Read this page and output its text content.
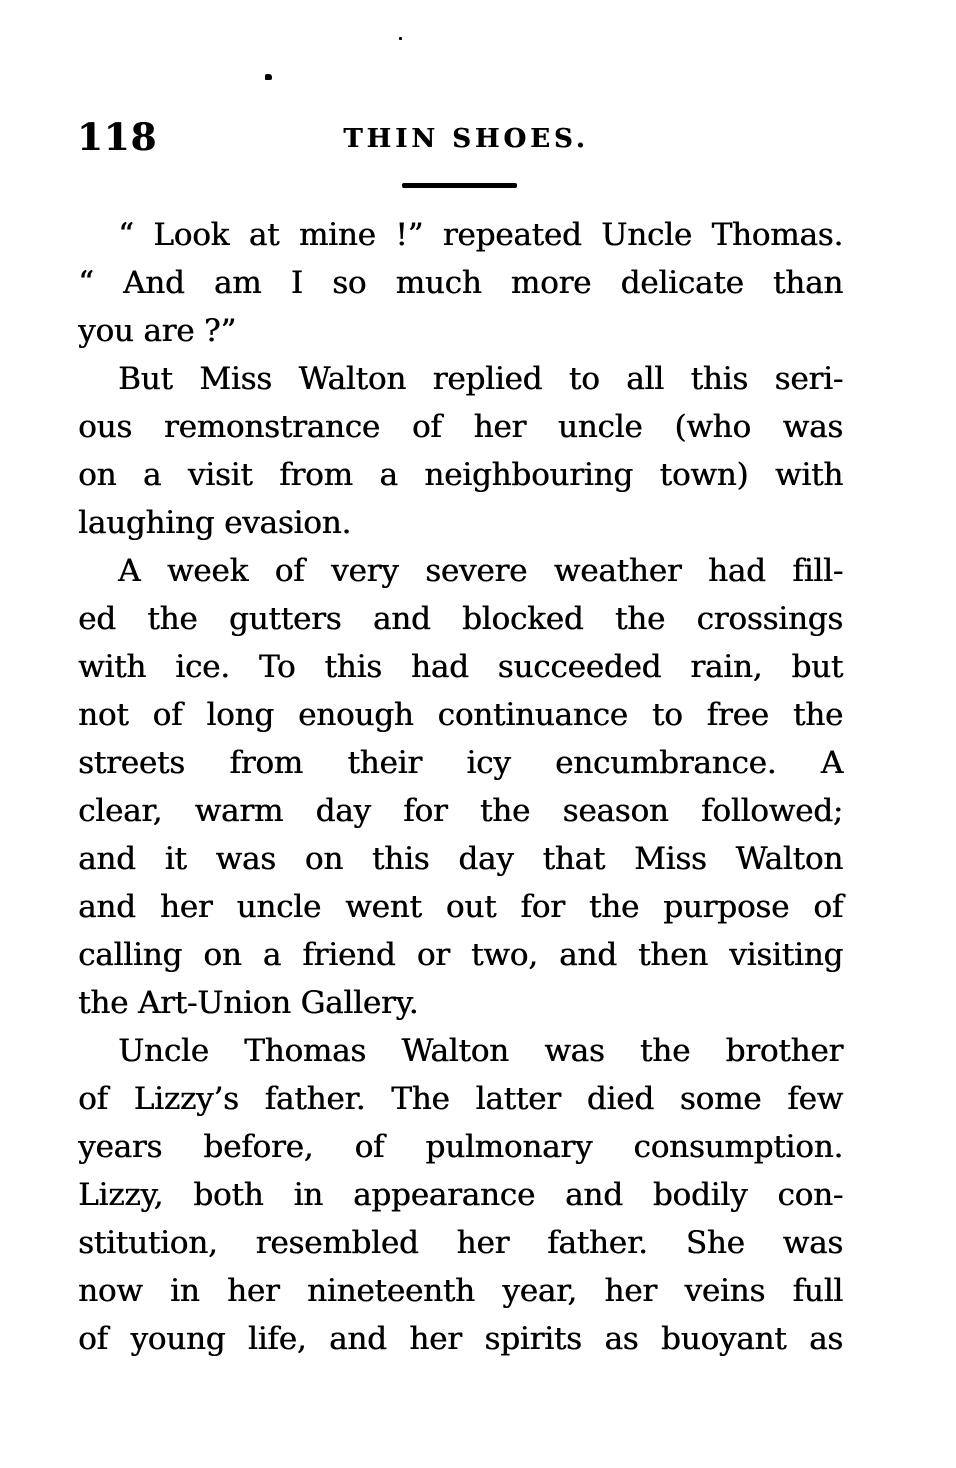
118	THIN SHOES.
“ Look at mine !” repeated Uncle Thomas.
“ And am I so much more delicate than
you are ?”
But Miss Walton replied to all this seri-
ous remonstrance of her uncle (who was
on a visit from a neighbouring town) with
laughing evasion.
A week of very severe weather had fill-
ed the gutters and blocked the crossings
with ice. To this had succeeded rain, but
not of long enough continuance to free the
streets from their icy encumbrance. A
clear, warm day for the season followed;
and it was on this day that Miss Walton
and her uncle went out for the purpose of
calling on a friend or two, and then visiting
the Art-Union Gallery.
Uncle Thomas Walton was the brother
of Lizzy’s father. The latter died some few
years before, of pulmonary consumption.
Lizzy, both in appearance and bodily con-
stitution, resembled her father. She was
now in her nineteenth year, her veins full
of young life, and her spirits as buoyant as
